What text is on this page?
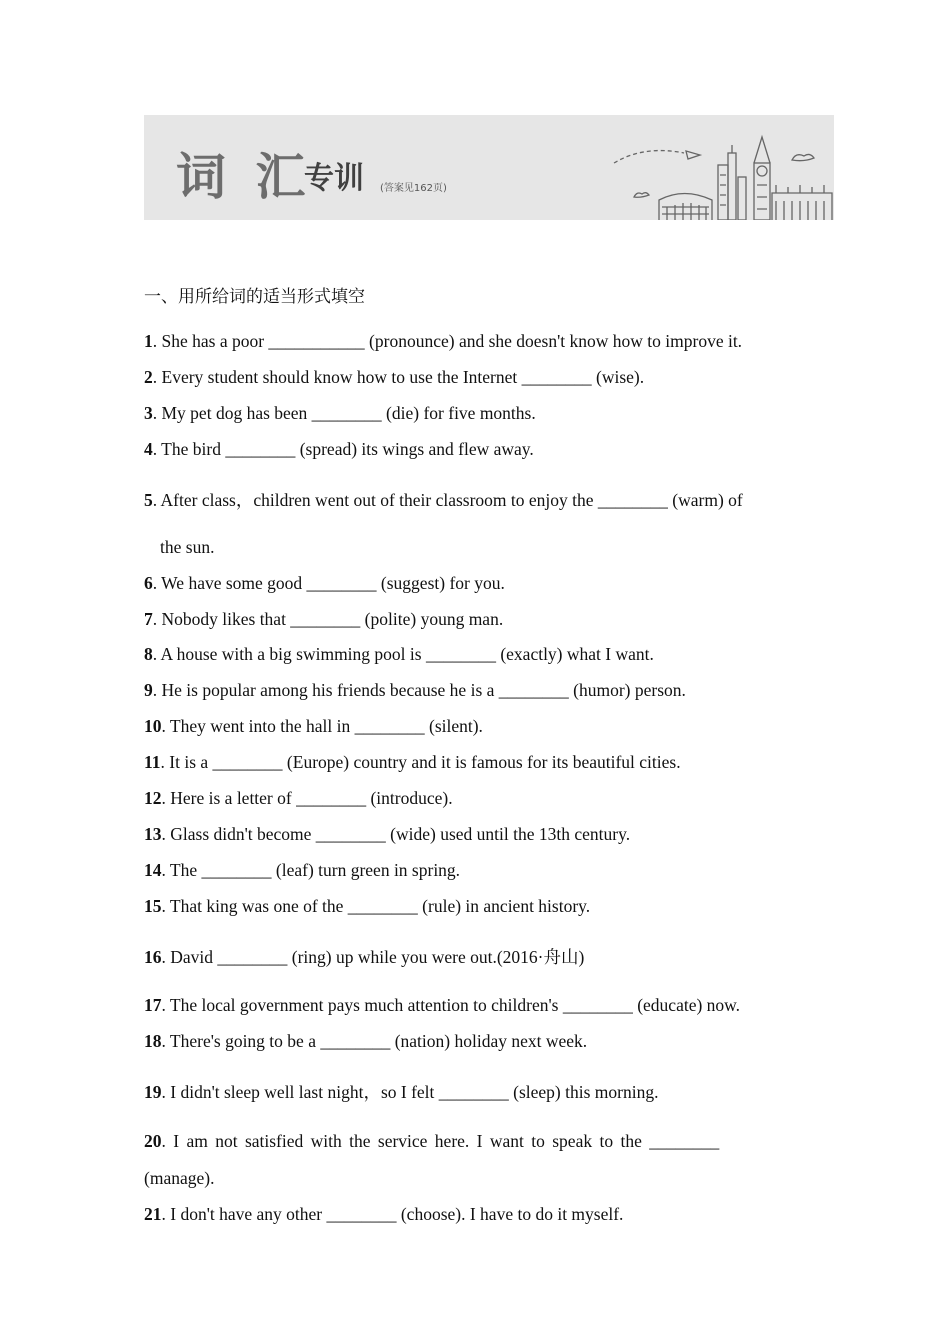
词 汇
专训 (答案见162页)
一、用所给词的适当形式填空
1. She has a poor ___________ (pronounce) and she doesn't know how to improve it.
2. Every student should know how to use the Internet ________ (wise).
3. My pet dog has been ________ (die) for five months.
4. The bird ________ (spread) its wings and flew away.
5. After class，children went out of their classroom to enjoy the ________ (warm) of
the sun.
6. We have some good ________ (suggest) for you.
7. Nobody likes that ________ (polite) young man.
8. A house with a big swimming pool is ________ (exactly) what I want.
9. He is popular among his friends because he is a ________ (humor) person.
10. They went into the hall in ________ (silent).
11. It is a ________ (Europe) country and it is famous for its beautiful cities.
12. Here is a letter of ________ (introduce).
13. Glass didn't become ________ (wide) used until the 13th century.
14. The ________ (leaf) turn green in spring.
15. That king was one of the ________ (rule) in ancient history.
16. David ________ (ring) up while you were out.(2016·舟山)
17. The local government pays much attention to children's ________ (educate) now.
18. There's going to be a ________ (nation) holiday next week.
19. I didn't sleep well last night，so I felt ________ (sleep) this morning.
20. I am not satisfied with the service here. I want to speak to the ________
(manage).
21. I don't have any other ________ (choose). I have to do it myself.
